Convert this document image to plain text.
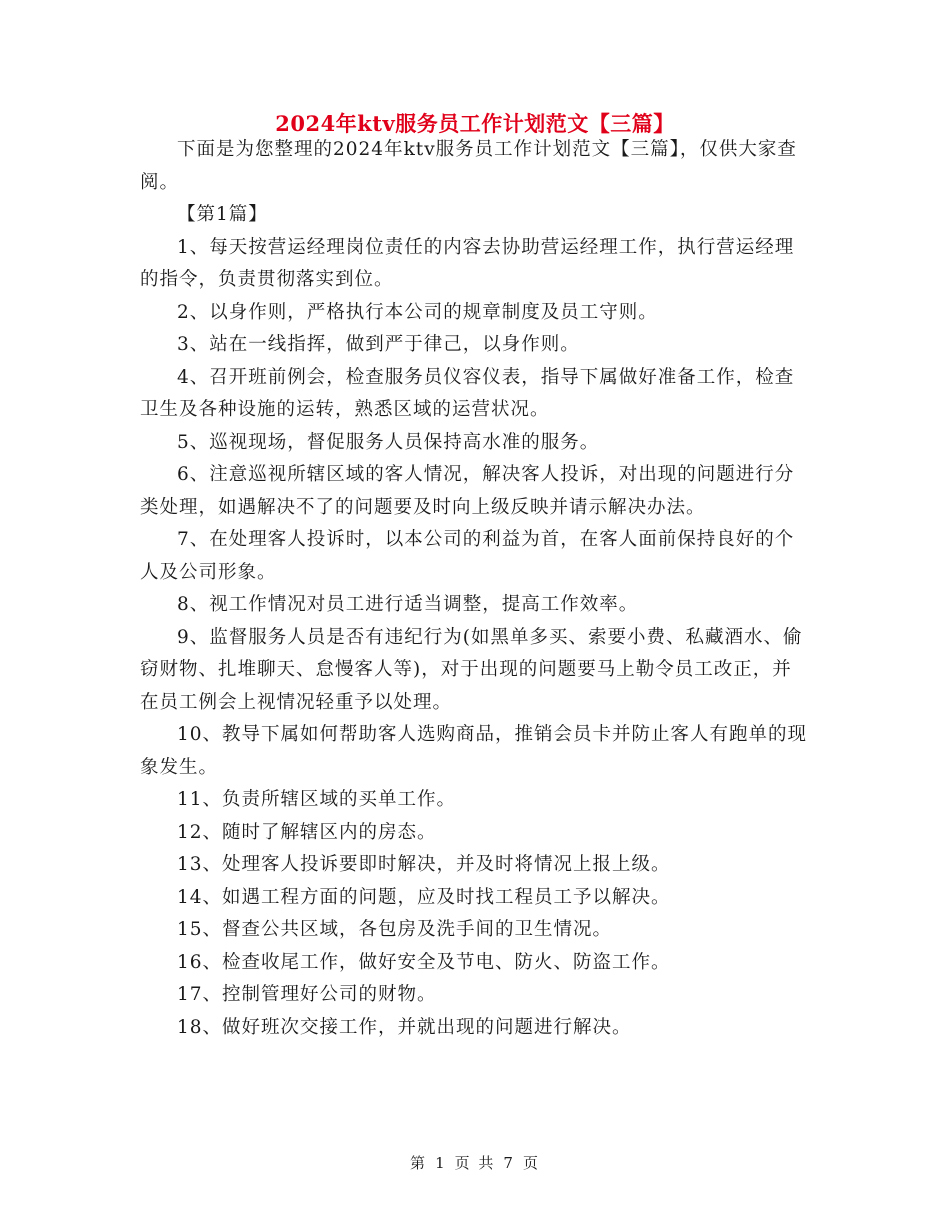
2024年ktv服务员工作计划范文【三篇】

下面是为您整理的2024年ktv服务员工作计划范文【三篇】，仅供大家查阅。

【第1篇】

1、每天按营运经理岗位责任的内容去协助营运经理工作，执行营运经理的指令，负责贯彻落实到位。

2、以身作则，严格执行本公司的规章制度及员工守则。

3、站在一线指挥，做到严于律己，以身作则。

4、召开班前例会，检查服务员仪容仪表，指导下属做好准备工作，检查卫生及各种设施的运转，熟悉区域的运营状况。

5、巡视现场，督促服务人员保持高水准的服务。

6、注意巡视所辖区域的客人情况，解决客人投诉，对出现的问题进行分类处理，如遇解决不了的问题要及时向上级反映并请示解决办法。

7、在处理客人投诉时，以本公司的利益为首，在客人面前保持良好的个人及公司形象。

8、视工作情况对员工进行适当调整，提高工作效率。

9、监督服务人员是否有违纪行为(如黑单多买、索要小费、私藏酒水、偷窃财物、扎堆聊天、怠慢客人等)，对于出现的问题要马上勒令员工改正，并在员工例会上视情况轻重予以处理。

10、教导下属如何帮助客人选购商品，推销会员卡并防止客人有跑单的现象发生。

11、负责所辖区域的买单工作。

12、随时了解辖区内的房态。

13、处理客人投诉要即时解决，并及时将情况上报上级。

14、如遇工程方面的问题，应及时找工程员工予以解决。

15、督查公共区域，各包房及洗手间的卫生情况。

16、检查收尾工作，做好安全及节电、防火、防盗工作。

17、控制管理好公司的财物。

18、做好班次交接工作，并就出现的问题进行解决。

第 1 页 共 7 页
